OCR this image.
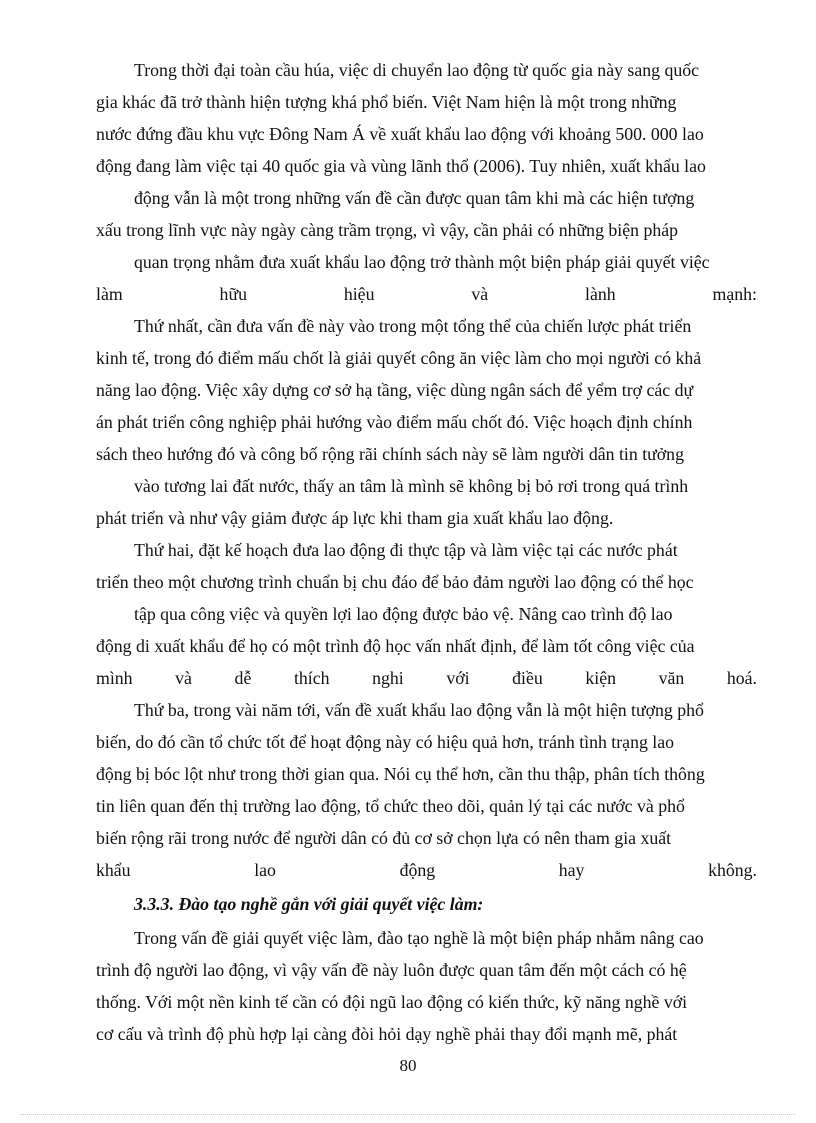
Trong thời đại toàn cầu húa, việc di chuyển lao động từ quốc gia này sang quốc
gia khác đã trở thành hiện tượng khá phổ biến. Việt Nam hiện là một trong những
nước đứng đầu khu vực Đông Nam Á về xuất khẩu lao động với khoảng 500. 000 lao
động đang làm việc tại 40 quốc gia và vùng lãnh thổ (2006). Tuy nhiên, xuất khẩu lao
động vẫn là một trong những vấn đề cần được quan tâm khi mà các hiện tượng
xấu trong lĩnh vực này ngày càng trầm trọng, vì vậy, cần phải có những biện pháp
quan trọng nhằm đưa xuất khẩu lao động trở thành một biện pháp giải quyết việc
làm	hữu	hiệu	và	lành	mạnh:
Thứ nhất, cần đưa vấn đề này vào trong một tổng thể của chiến lược phát triển
kinh tế, trong đó điểm mấu chốt là giải quyết công ăn việc làm cho mọi người có khả
năng lao động. Việc xây dựng cơ sở hạ tầng, việc dùng ngân sách để yểm trợ các dự
án phát triển công nghiệp phải hướng vào điểm mấu chốt đó. Việc hoạch định chính
sách theo hướng đó và công bố rộng rãi chính sách này sẽ làm người dân tin tưởng
vào tương lai đất nước, thấy an tâm là mình sẽ không bị bỏ rơi trong quá trình
phát triển và như vậy giảm được áp lực khi tham gia xuất khẩu lao động.
Thứ hai, đặt kế hoạch đưa lao động đi thực tập và làm việc tại các nước phát
triển theo một chương trình chuẩn bị chu đáo để bảo đảm người lao động có thể học
tập qua công việc và quyền lợi lao động được bảo vệ. Nâng cao trình độ lao
động di xuất khẩu để họ có một trình độ học vấn nhất định, để làm tốt công việc của
mình và dễ thích nghi với điều kiện văn hoá.
Thứ ba, trong vài năm tới, vấn đề xuất khẩu lao động vẫn là một hiện tượng phổ
biến, do đó cần tổ chức tốt để hoạt động này có hiệu quả hơn, tránh tình trạng lao
động bị bóc lột như trong thời gian qua. Nói cụ thể hơn, cần thu thập, phân tích thông
tin liên quan đến thị trường lao động, tổ chức theo dõi, quản lý tại các nước và phổ
biến rộng rãi trong nước để người dân có đủ cơ sở chọn lựa có nên tham gia xuất
khẩu	lao	động	hay	không.
3.3.3. Đào tạo nghề gắn với giải quyết việc làm:
Trong vấn đề giải quyết việc làm, đào tạo nghề là một biện pháp nhằm nâng cao
trình độ người lao động, vì vậy vấn đề này luôn được quan tâm đến một cách có hệ
thống. Với một nền kinh tế cần có đội ngũ lao động có kiến thức, kỹ năng nghề với
cơ cấu và trình độ phù hợp lại càng đòi hỏi dạy nghề phải thay đổi mạnh mẽ, phát
80
